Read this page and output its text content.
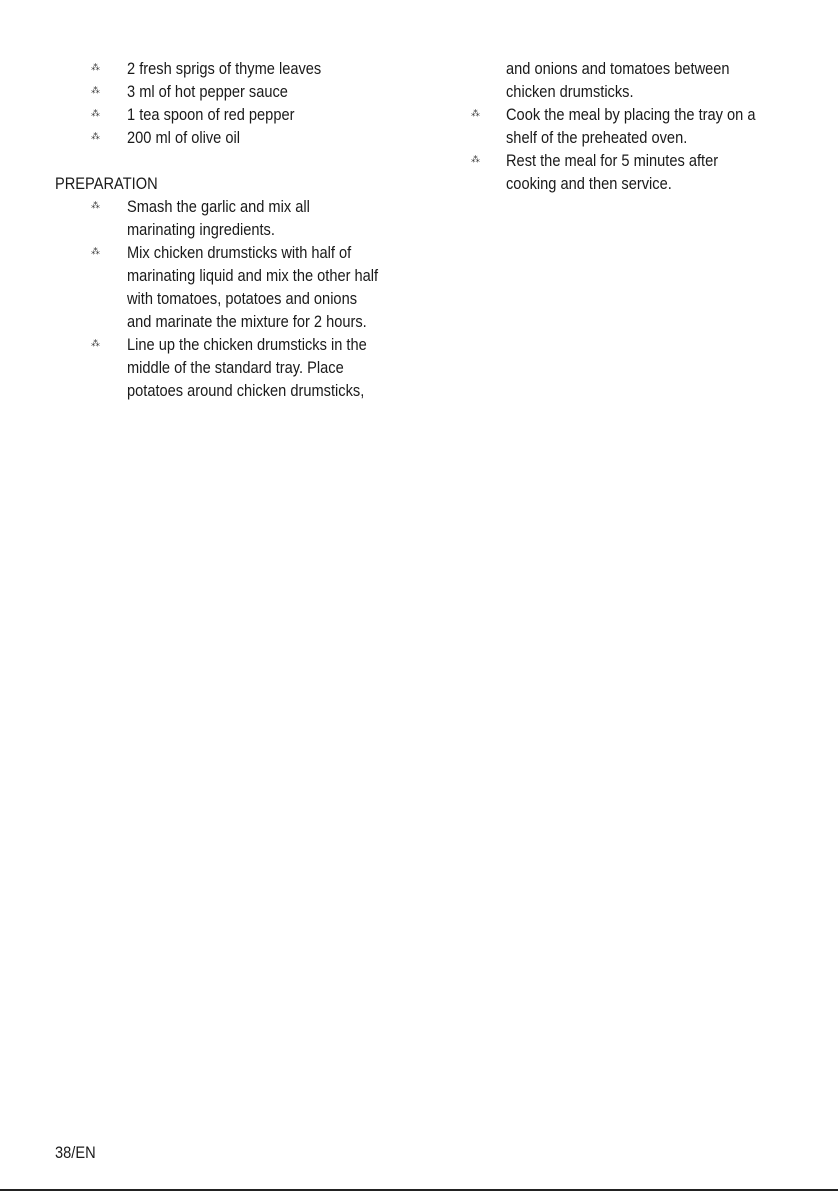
⁂ 2 fresh sprigs of thyme leaves
⁂ 3 ml of hot pepper sauce
⁂ 1 tea spoon of red pepper
⁂ 200 ml of olive oil
PREPARATION
⁂ Smash the garlic and mix all
marinating ingredients.
⁂ Mix chicken drumsticks with half of
marinating liquid and mix the other half
with tomatoes, potatoes and onions
and marinate the mixture for 2 hours.
⁂ Line up the chicken drumsticks in the
middle of the standard tray. Place
potatoes around chicken drumsticks,
and onions and tomatoes between
chicken drumsticks.
⁂ Cook the meal by placing the tray on a
shelf of the preheated oven.
⁂ Rest the meal for 5 minutes after
cooking and then service.
38/EN
